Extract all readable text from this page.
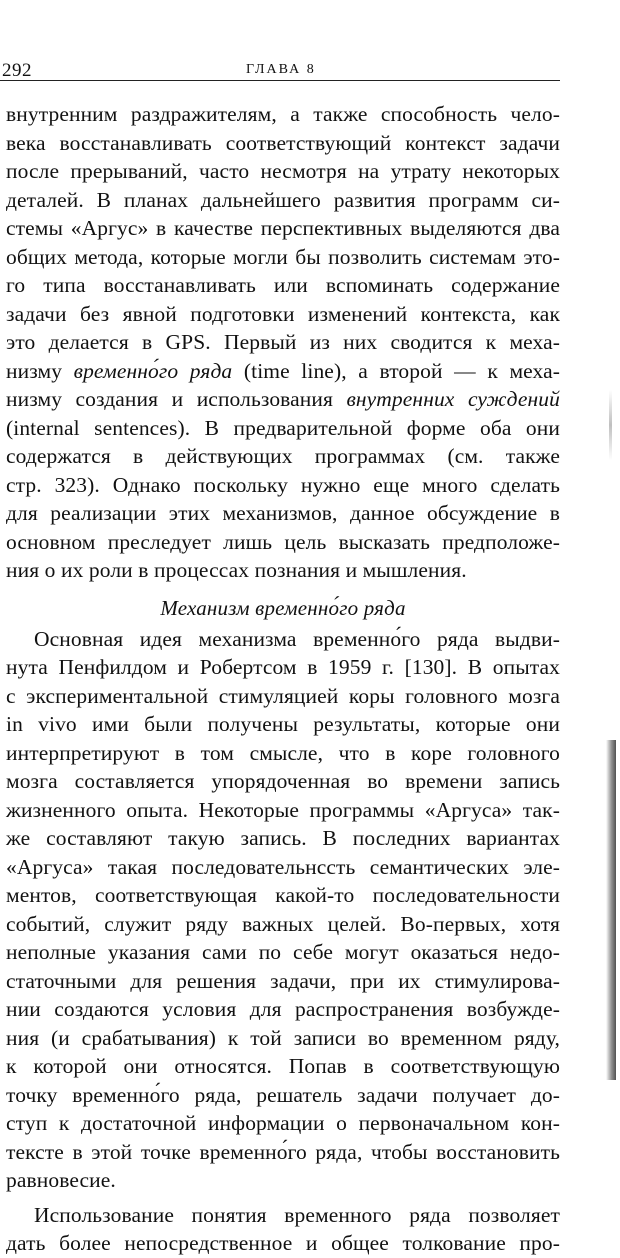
292	ГЛАВА 8
внутренним раздражителям, а также способность чело-
века восстанавливать соответствующий контекст задачи
после прерываний, часто несмотря на утрату некоторых
деталей. В планах дальнейшего развития программ си-
стемы «Аргус» в качестве перспективных выделяются два
общих метода, которые могли бы позволить системам это-
го типа восстанавливать или вспоминать содержание
задачи без явной подготовки изменений контекста, как
это делается в GPS. Первый из них сводится к меха-
низму временно́го ряда (time line), а второй — к меха-
низму создания и использования внутренних суждений
(internal sentences). В предварительной форме оба они
содержатся в действующих программах (см. также
стр. 323). Однако поскольку нужно еще много сделать
для реализации этих механизмов, данное обсуждение в
основном преследует лишь цель высказать предположе-
ния о их роли в процессах познания и мышления.
Механизм временно́го ряда
Основная идея механизма временно́го ряда выдви-
нута Пенфилдом и Робертсом в 1959 г. [130]. В опытах
с экспериментальной стимуляцией коры головного мозга
in vivo ими были получены результаты, которые они
интерпретируют в том смысле, что в коре головного
мозга составляется упорядоченная во времени запись
жизненного опыта. Некоторые программы «Аргуса» так-
же составляют такую запись. В последних вариантах
«Аргуса» такая последовательнсcть семантических эле-
ментов, соответствующая какой-то последовательности
событий, служит ряду важных целей. Во-первых, хотя
неполные указания сами по себе могут оказаться недо-
статочными для решения задачи, при их стимулирова-
нии создаются условия для распространения возбужде-
ния (и срабатывания) к той записи во временном ряду,
к которой они относятся. Попав в соответствующую
точку временно́го ряда, решатель задачи получает до-
ступ к достаточной информации о первоначальном кон-
тексте в этой точке временно́го ряда, чтобы восстановить
равновесие.
Использование понятия временного ряда позволяет
дать более непосредственное и общее толкование про-
